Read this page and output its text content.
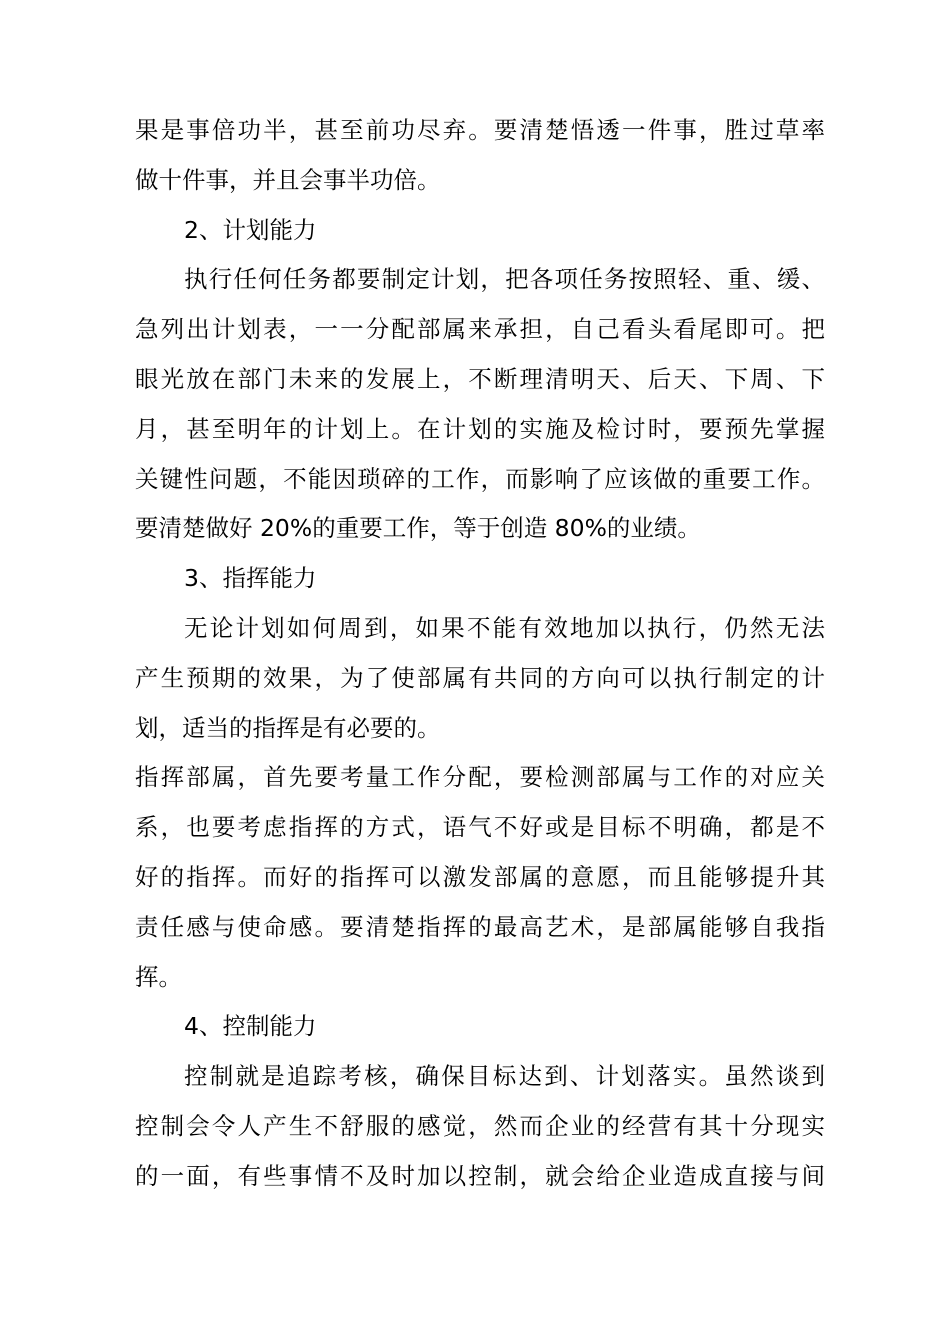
果是事倍功半，甚至前功尽弃。要清楚悟透一件事，胜过草率
做十件事，并且会事半功倍。
2、计划能力
执行任何任务都要制定计划，把各项任务按照轻、重、缓、
急列出计划表，一一分配部属来承担，自己看头看尾即可。把
眼光放在部门未来的发展上，不断理清明天、后天、下周、下
月，甚至明年的计划上。在计划的实施及检讨时，要预先掌握
关键性问题，不能因琐碎的工作，而影响了应该做的重要工作。
要清楚做好 20%的重要工作，等于创造 80%的业绩。
3、指挥能力
无论计划如何周到，如果不能有效地加以执行，仍然无法
产生预期的效果，为了使部属有共同的方向可以执行制定的计
划，适当的指挥是有必要的。
指挥部属，首先要考量工作分配，要检测部属与工作的对应关
系，也要考虑指挥的方式，语气不好或是目标不明确，都是不
好的指挥。而好的指挥可以激发部属的意愿，而且能够提升其
责任感与使命感。要清楚指挥的最高艺术，是部属能够自我指
挥。
4、控制能力
控制就是追踪考核，确保目标达到、计划落实。虽然谈到
控制会令人产生不舒服的感觉，然而企业的经营有其十分现实
的一面，有些事情不及时加以控制，就会给企业造成直接与间
